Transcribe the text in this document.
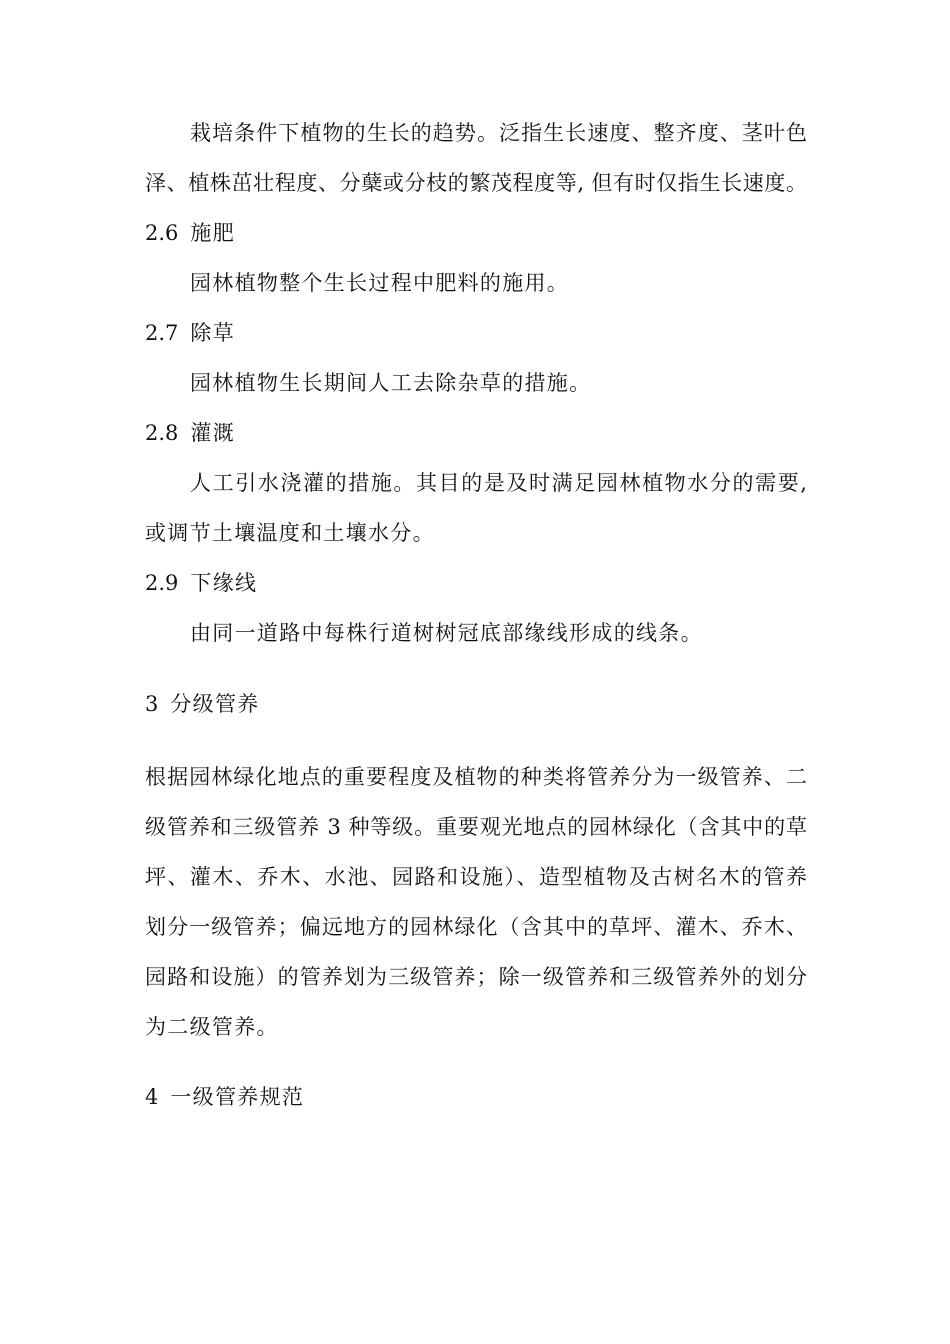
栽培条件下植物的生长的趋势。泛指生长速度、整齐度、茎叶色
泽、植株茁壮程度、分蘖或分枝的繁茂程度等, 但有时仅指生长速度。
2.6 施肥
园林植物整个生长过程中肥料的施用。
2.7 除草
园林植物生长期间人工去除杂草的措施。
2.8 灌溉
人工引水浇灌的措施。其目的是及时满足园林植物水分的需要,
或调节土壤温度和土壤水分。
2.9 下缘线
由同一道路中每株行道树树冠底部缘线形成的线条。
3 分级管养
根据园林绿化地点的重要程度及植物的种类将管养分为一级管养、二
级管养和三级管养 3 种等级。重要观光地点的园林绿化（含其中的草
坪、灌木、乔木、水池、园路和设施）、造型植物及古树名木的管养
划分一级管养；偏远地方的园林绿化（含其中的草坪、灌木、乔木、
园路和设施）的管养划为三级管养；除一级管养和三级管养外的划分
为二级管养。
4 一级管养规范
